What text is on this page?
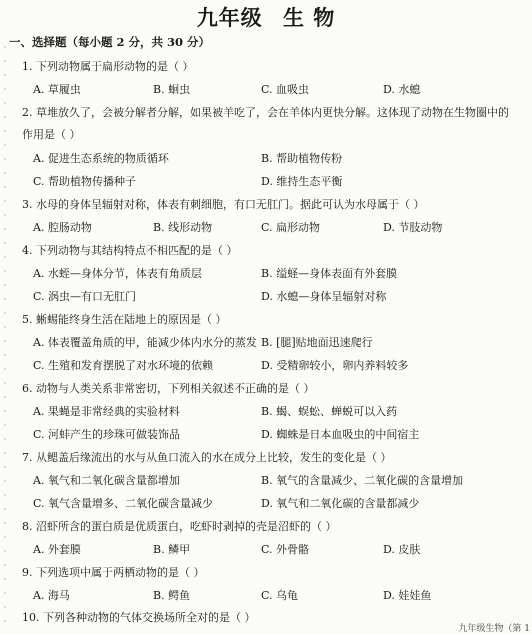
九年级 生 物
一、选择题（每小题 2 分，共 30 分）
1. 下列动物属于扁形动物的是（ ）
A. 草履虫	B. 蛔虫	C. 血吸虫	D. 水螅
2. 草堆放久了，会被分解者分解，如果被羊吃了，会在羊体内更快分解。这体现了动物在生物圈中的
作用是（ ）
A. 促进生态系统的物质循环	B. 帮助植物传粉
C. 帮助植物传播种子	D. 维持生态平衡
3. 水母的身体呈辐射对称，体表有刺细胞，有口无肛门。据此可认为水母属于（ ）
A. 腔肠动物	B. 线形动物	C. 扁形动物	D. 节肢动物
4. 下列动物与其结构特点不相匹配的是（ ）
A. 水蛭—身体分节，体表有角质层	B. 缢蛏—身体表面有外套膜
C. 涡虫—有口无肛门	D. 水螅—身体呈辐射对称
5. 蜥蜴能终身生活在陆地上的原因是（ ）
A. 体表覆盖角质的甲，能减少体内水分的蒸发 B. [腿]贴地面迅速爬行
C. 生殖和发育摆脱了对水环境的依赖	D. 受精卵较小，卵内养料较多
6. 动物与人类关系非常密切，下列相关叙述不正确的是（ ）
A. 果蝇是非常经典的实验材料	B. 蝎、蜈蚣、蝉蜕可以入药
C. 河蚌产生的珍珠可做装饰品	D. 蜘蛛是日本血吸虫的中间宿主
7. 从鳃盖后缘流出的水与从鱼口流入的水在成分上比较，发生的变化是（ ）
A. 氧气和二氧化碳含量都增加	B. 氧气的含量减少、二氧化碳的含量增加
C. 氧气含量增多、二氧化碳含量减少	D. 氧气和二氧化碳的含量都减少
8. 沼虾所含的蛋白质是优质蛋白，吃虾时剥掉的壳是沼虾的（ ）
A. 外套膜	B. 鳞甲	C. 外骨骼	D. 皮肤
9. 下列选项中属于两栖动物的是（ ）
A. 海马	B. 鳄鱼	C. 乌龟	D. 娃娃鱼
10. 下列各种动物的气体交换场所全对的是（ ）
九年级生物（第 1
